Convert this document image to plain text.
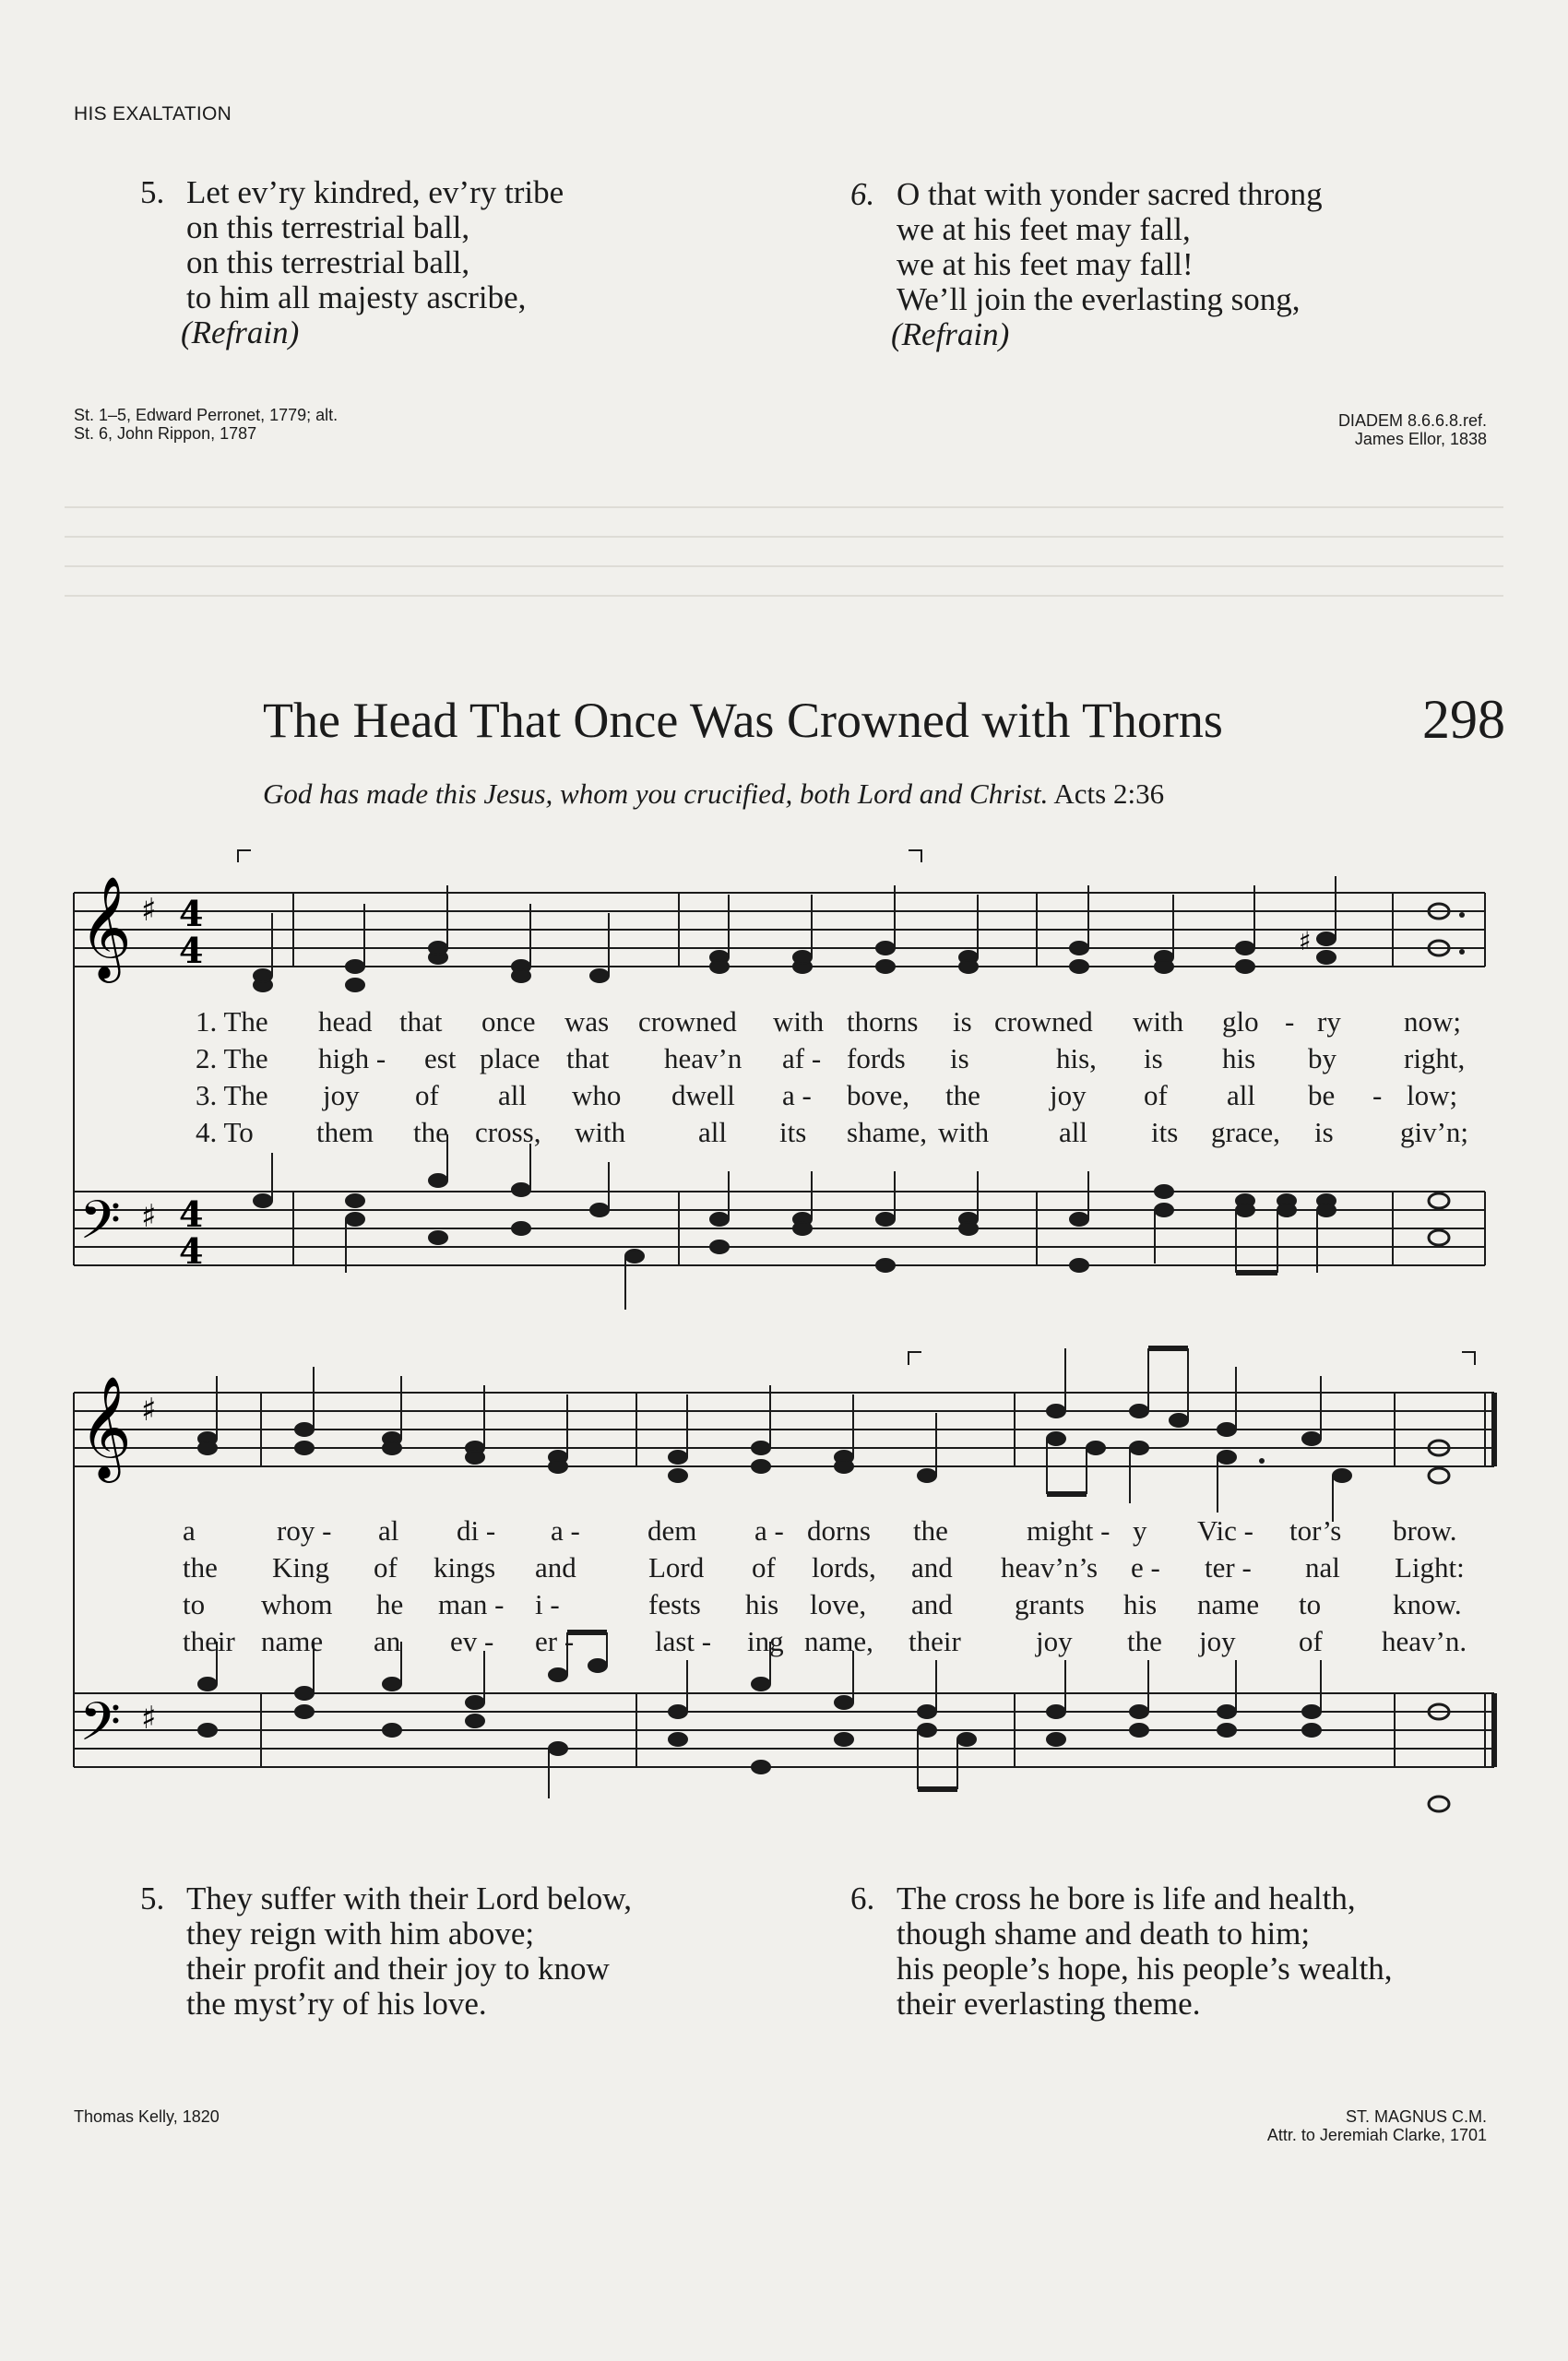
HIS EXALTATION
5. Let ev’ry kindred, ev’ry tribe
on this terrestrial ball,
on this terrestrial ball,
to him all majesty ascribe,
(Refrain)
6. O that with yonder sacred throng
we at his feet may fall,
we at his feet may fall!
We’ll join the everlasting song,
(Refrain)
St. 1–5, Edward Perronet, 1779; alt.
St. 6, John Rippon, 1787
DIADEM 8.6.6.8.ref.
James Ellor, 1838
The Head That Once Was Crowned with Thorns	298
God has made this Jesus, whom you crucified, both Lord and Christ. Acts 2:36
𝄞 ♯ 4
4	♯
𝄢 ♯ 4
4
𝄞 ♯
𝄢 ♯
1. The head that once was crowned with thorns is crowned with glo - ry now;
2. The high - est place that heav’n af - fords is	his, is his by right,
3. The joy of all who dwell a - bove, the joy of all be - low;
4. To them the cross, with	all its shame, with all its grace, is giv’n;
a	roy - al di - a - dem a - dorns the	might - y Vic - tor’s brow.
the King of kings and	Lord of lords, and heav’n’s e - ter - nal Light:
to whom he man - i -	fests his love, and grants his name to	know.
their name an ev - er -	last - ing name, their	joy the joy of heav’n.
5. They suffer with their Lord below,
they reign with him above;
their profit and their joy to know
the myst’ry of his love.
6. The cross he bore is life and health,
though shame and death to him;
his people’s hope, his people’s wealth,
their everlasting theme.
Thomas Kelly, 1820	ST. MAGNUS C.M.
Attr. to Jeremiah Clarke, 1701
